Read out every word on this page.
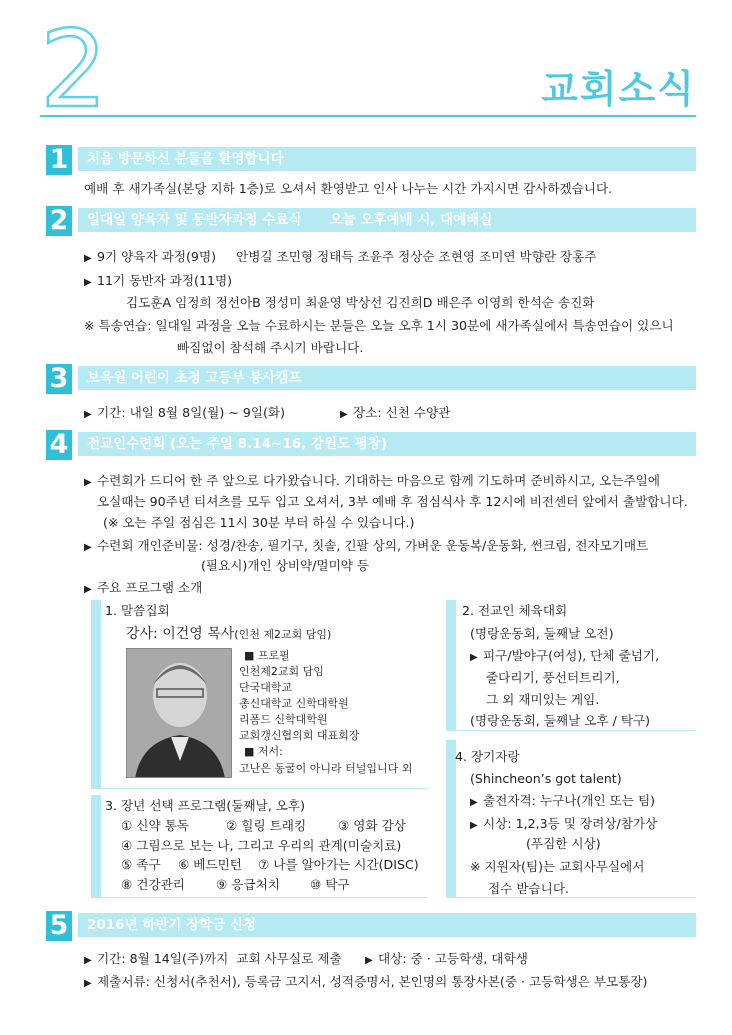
2	교회소식
1	처음 방문하신 분들을 환영합니다
예배 후 새가족실(본당 지하 1층)로 오셔서 환영받고 인사 나누는 시간 가지시면 감사하겠습니다.
2	일대일 양육자 및 동반자과정 수료식      오늘 오후예배 시, 대예배실
▶ 9기 양육자 과정(9명)     안병길 조민형 정태득 조윤주 정상순 조현영 조미연 박향란 장홍주
▶ 11기 동반자 과정(11명)
김도훈A 임정희 정선아B 정성미 최윤영 박상선 김진희D 배은주 이영희 한석순 송진화
※ 특송연습: 일대일 과정을 오늘 수료하시는 분들은 오늘 오후 1시 30분에 새가족실에서 특송연습이 있으니
빠짐없이 참석해 주시기 바랍니다.
3	보육원 어린이 초청 고등부 봉사캠프
▶ 기간: 내일 8월 8일(월) ~ 9일(화)	▶ 장소: 신천 수양관
4	전교인수련회 (오는 주일 8.14~16, 강원도 평창)
▶ 수련회가 드디어 한 주 앞으로 다가왔습니다. 기대하는 마음으로 함께 기도하며 준비하시고, 오는주일에
오실때는 90주년 티셔츠를 모두 입고 오셔서, 3부 예배 후 점심식사 후 12시에 비전센터 앞에서 출발합니다.
(※ 오는 주일 점심은 11시 30분 부터 하실 수 있습니다.)
▶ 수련회 개인준비물: 성경/찬송, 필기구, 칫솔, 긴팔 상의, 가벼운 운동복/운동화, 썬크림, 전자모기매트
(필요시)개인 상비약/멀미약 등
▶ 주요 프로그램 소개
1. 말씀집회
강사: 이건영 목사(인천 제2교회 담임)
■ 프로필
인천제2교회 담임
단국대학교
총신대학교 신학대학원
리폼드 신학대학원
교회갱신협의회 대표회장
■ 저서:
고난은 동굴이 아니라 터널입니다 외
3. 장년 선택 프로그램(둘째날, 오후)
① 신약 통독	② 힐링 트래킹	③ 영화 감상
④ 그림으로 보는 나, 그리고 우리의 관계(미술치료)
⑤ 족구 ⑥ 베드민턴 ⑦ 나를 알아가는 시간(DISC)
⑧ 건강관리 ⑨ 응급처치 ⑩ 탁구
2. 전교인 체육대회
(명랑운동회, 둘째날 오전)
▶ 피구/발야구(여성), 단체 줄넘기,
줄다리기, 풍선터트리기,
그 외 재미있는 게임.
(명랑운동회, 둘째날 오후 / 탁구)
4. 장기자랑
(Shincheon’s got talent)
▶ 출전자격: 누구나(개인 또는 팀)
▶ 시상: 1,2,3등 및 장려상/참가상
(푸짐한 시상)
※ 지원자(팀)는 교회사무실에서
접수 받습니다.
5	2016년 하반기 장학금 신청
▶ 기간: 8월 14일(주)까지  교회 사무실로 제출 ▶ 대상: 중 · 고등학생, 대학생
▶ 제출서류: 신청서(추천서), 등록금 고지서, 성적증명서, 본인명의 통장사본(중 · 고등학생은 부모통장)
